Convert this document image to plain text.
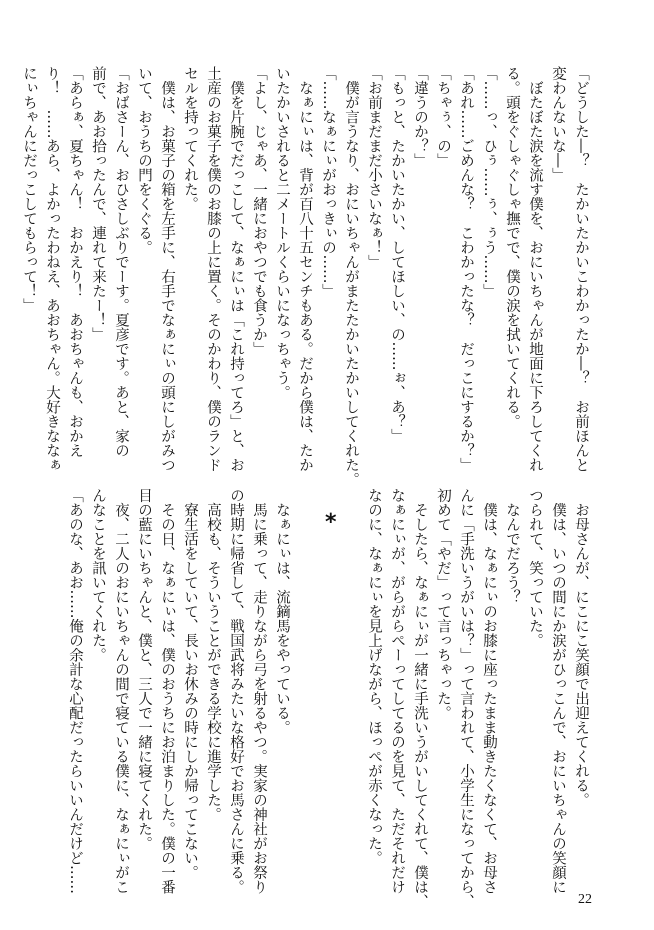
「どうした―？　たかいたかいこわかったか―？　お前ほんと

変わんないな―」

　ぼたぼた涙を流す僕を、おにいちゃんが地面に下ろしてくれ

る。頭をぐしゃぐしゃ撫でで、僕の涙を拭いてくれる。

「……っ、ひぅ……ぅ、ぅう……」

「あれ……ごめんな？　こわかったな？　だっこにするか？」

「ちゃぅ、の」

「違うのか？」

「もっと、たかいたかい、してほしい、の……ぉ、あ？」

「お前まだまだ小さいなぁ！」

　僕が言うなり、おにいちゃんがまたたかいたかいしてくれた。

「……なぁにぃがおっきぃの……」

　なぁにぃは、背が百八十五センチもある。だから僕は、たか

いたかいされると二メートルくらいになっちゃう。

「よし、じゃあ、一緒におやつでも食うか」

　僕を片腕でだっこして、なぁにぃは「これ持ってろ」と、お

土産のお菓子を僕のお膝の上に置く。そのかわり、僕のランド

セルを持ってくれた。

　僕は、お菓子の箱を左手に、右手でなぁにぃの頭にしがみつ

いて、おうちの門をくぐる。

「おばさーん、おひさしぶりでーす。夏彦です。あと、家の

前で、あお拾ったんで、連れて来たー！」

「あらぁ、夏ちゃん！　おかえり！　あおちゃんも、おかえ

り！　……あら、よかったわねえ、あおちゃん。大好きななぁ

にぃちゃんにだっこしてもらって！」

*	　お母さんが、にこにこ笑顔で出迎えてくれる。

　僕は、いつの間にか涙がひっこんで、おにいちゃんの笑顔に

つられて、笑っていた。

　なんでだろう？

　僕は、なぁにぃのお膝に座ったまま動きたくなくて、お母さ

んに「手洗いうがいは？」って言われて、小学生になってから、

初めて「やだ」って言っちゃった。

　そしたら、なぁにぃが一緒に手洗いうがいしてくれて、僕は、

なぁにぃが、がらがらぺーってしてるのを見て、ただそれだけ

なのに、なぁにぃを見上げながら、ほっぺが赤くなった。

　なぁにぃは、流鏑馬をやっている。

　馬に乗って、走りながら弓を射るやつ。実家の神社がお祭り

の時期に帰省して、戦国武将みたいな格好でお馬さんに乗る。

　高校も、そういうことができる学校に進学した。

　寮生活をしていて、長いお休みの時にしか帰ってこない。

　その日、なぁにぃは、僕のおうちにお泊まりした。僕の一番

目の藍にいちゃんと、僕と、三人で一緒に寝てくれた。

　夜、二人のおにいちゃんの間で寝ている僕に、なぁにぃがこ

んなことを訊いてくれた。

「あのな、あお……俺の余計な心配だったらいいんだけど……

22
